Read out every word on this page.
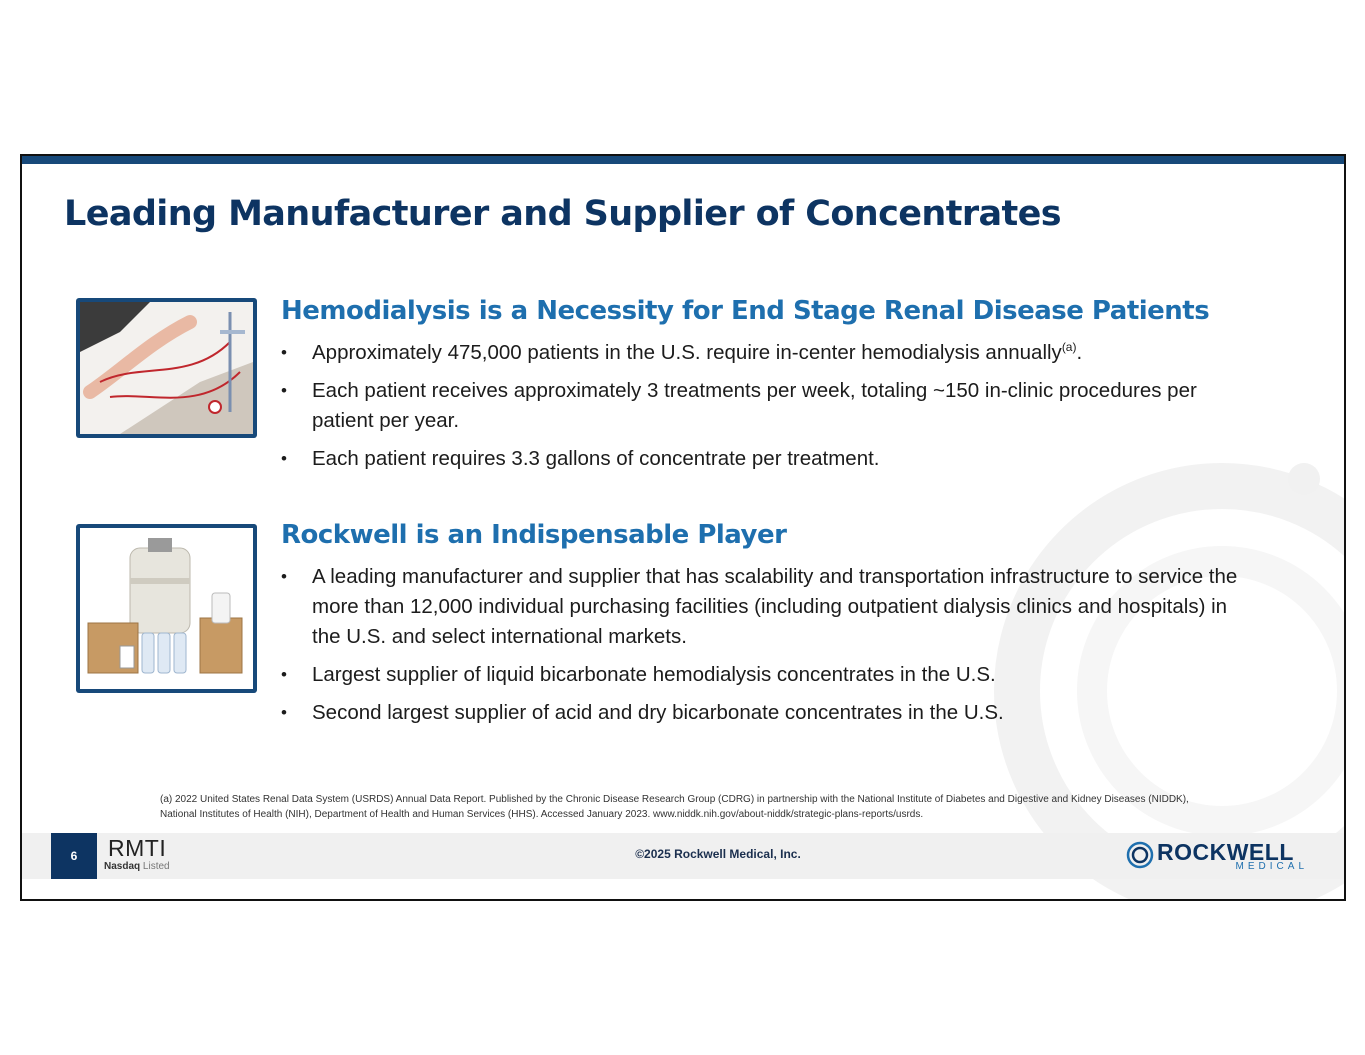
Leading Manufacturer and Supplier of Concentrates
Hemodialysis is a Necessity for End Stage Renal Disease Patients
• Approximately 475,000 patients in the U.S. require in-center hemodialysis annually$^{(a)}$.
• Each patient receives approximately 3 treatments per week, totaling ~150 in-clinic procedures per patient per year.
• Each patient requires 3.3 gallons of concentrate per treatment.
Rockwell is an Indispensable Player
• A leading manufacturer and supplier that has scalability and transportation infrastructure to service the more than 12,000 individual purchasing facilities (including outpatient dialysis clinics and hospitals) in the U.S. and select international markets.
• Largest supplier of liquid bicarbonate hemodialysis concentrates in the U.S.
• Second largest supplier of acid and dry bicarbonate concentrates in the U.S.
(a) 2022 United States Renal Data System (USRDS) Annual Data Report. Published by the Chronic Disease Research Group (CDRG) in partnership with the National Institute of Diabetes and Digestive and Kidney Diseases (NIDDK), National Institutes of Health (NIH), Department of Health and Human Services (HHS). Accessed January 2023. www.niddk.nih.gov/about-niddk/strategic-plans-reports/usrds.
6	RMTI
Nasdaq Listed
©2025 Rockwell Medical, Inc.	ROCKWELL
MEDICAL
